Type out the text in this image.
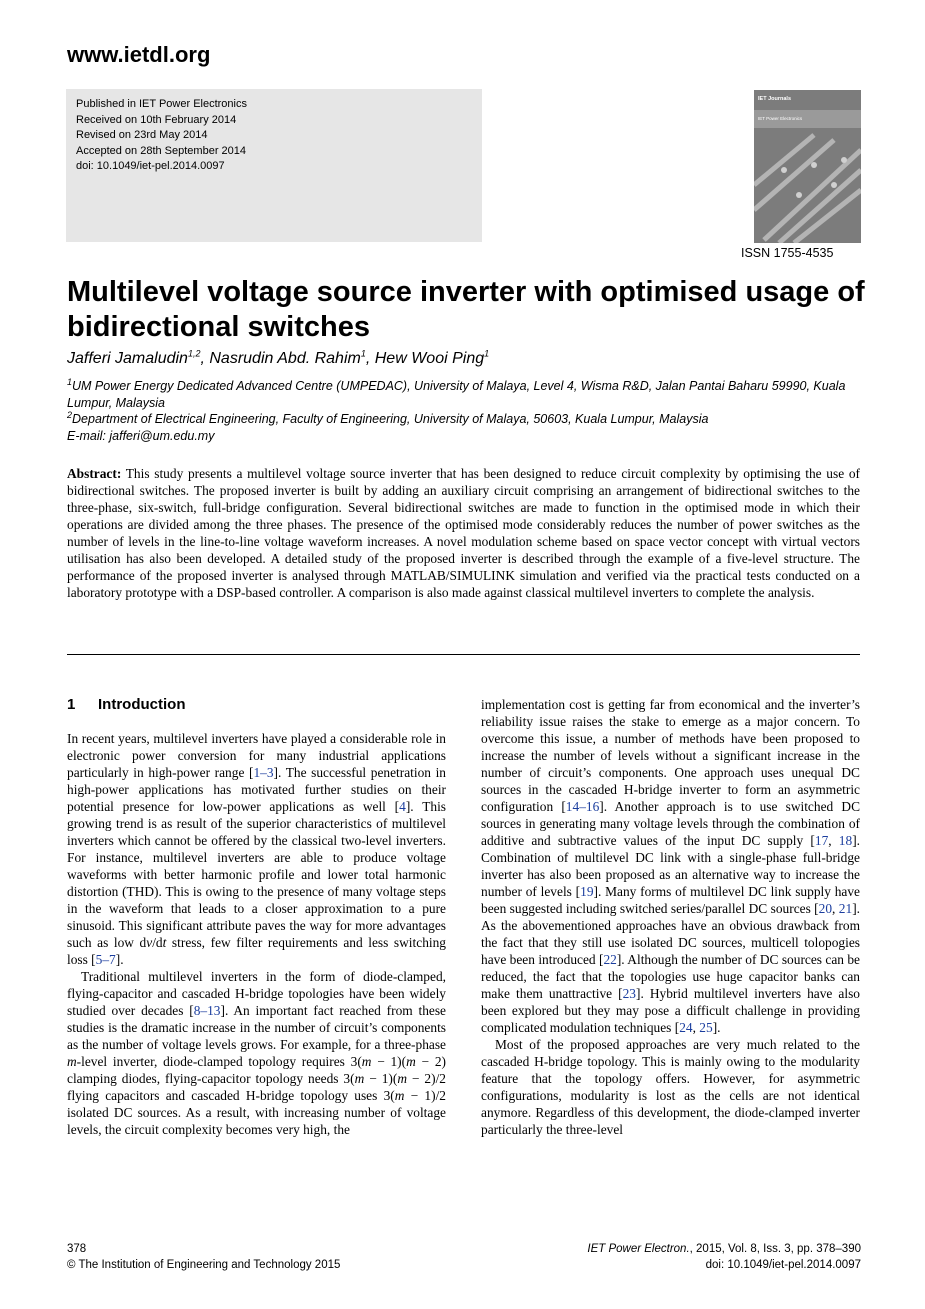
www.ietdl.org
Published in IET Power Electronics
Received on 10th February 2014
Revised on 23rd May 2014
Accepted on 28th September 2014
doi: 10.1049/iet-pel.2014.0097
IET Journals
IET Power Electronics
ISSN 1755-4535
Multilevel voltage source inverter with optimised usage of bidirectional switches
Jafferi Jamaludin$^{1,2}$, Nasrudin Abd. Rahim$^1$, Hew Wooi Ping$^1$
$^1$UM Power Energy Dedicated Advanced Centre (UMPEDAC), University of Malaya, Level 4, Wisma R&D, Jalan Pantai Baharu 59990, Kuala Lumpur, Malaysia
$^2$Department of Electrical Engineering, Faculty of Engineering, University of Malaya, 50603, Kuala Lumpur, Malaysia
E-mail: jafferi@um.edu.my
Abstract: This study presents a multilevel voltage source inverter that has been designed to reduce circuit complexity by optimising the use of bidirectional switches. The proposed inverter is built by adding an auxiliary circuit comprising an arrangement of bidirectional switches to the three-phase, six-switch, full-bridge configuration. Several bidirectional switches are made to function in the optimised mode in which their operations are divided among the three phases. The presence of the optimised mode considerably reduces the number of power switches as the number of levels in the line-to-line voltage waveform increases. A novel modulation scheme based on space vector concept with virtual vectors utilisation has also been developed. A detailed study of the proposed inverter is described through the example of a five-level structure. The performance of the proposed inverter is analysed through MATLAB/SIMULINK simulation and verified via the practical tests conducted on a laboratory prototype with a DSP-based controller. A comparison is also made against classical multilevel inverters to complete the analysis.
1 Introduction

In recent years, multilevel inverters have played a considerable role in electronic power conversion for many industrial applications particularly in high-power range [1–3]. The successful penetration in high-power applications has motivated further studies on their potential presence for low-power applications as well [4]. This growing trend is as result of the superior characteristics of multilevel inverters which cannot be offered by the classical two-level inverters. For instance, multilevel inverters are able to produce voltage waveforms with better harmonic profile and lower total harmonic distortion (THD). This is owing to the presence of many voltage steps in the waveform that leads to a closer approximation to a pure sinusoid. This significant attribute paves the way for more advantages such as low dv/dt stress, few filter requirements and less switching loss [5–7].

Traditional multilevel inverters in the form of diode-clamped, flying-capacitor and cascaded H-bridge topologies have been widely studied over decades [8–13]. An important fact reached from these studies is the dramatic increase in the number of circuit’s components as the number of voltage levels grows. For example, for a three-phase m-level inverter, diode-clamped topology requires 3(m − 1)(m − 2) clamping diodes, flying-capacitor topology needs 3(m − 1)(m − 2)/2 flying capacitors and cascaded H-bridge topology uses 3(m − 1)/2 isolated DC sources. As a result, with increasing number of voltage levels, the circuit complexity becomes very high, the

implementation cost is getting far from economical and the inverter’s reliability issue raises the stake to emerge as a major concern. To overcome this issue, a number of methods have been proposed to increase the number of levels without a significant increase in the number of circuit’s components. One approach uses unequal DC sources in the cascaded H-bridge inverter to form an asymmetric configuration [14–16]. Another approach is to use switched DC sources in generating many voltage levels through the combination of additive and subtractive values of the input DC supply [17, 18]. Combination of multilevel DC link with a single-phase full-bridge inverter has also been proposed as an alternative way to increase the number of levels [19]. Many forms of multilevel DC link supply have been suggested including switched series/parallel DC sources [20, 21]. As the abovementioned approaches have an obvious drawback from the fact that they still use isolated DC sources, multicell tolopogies have been introduced [22]. Although the number of DC sources can be reduced, the fact that the topologies use huge capacitor banks can make them unattractive [23]. Hybrid multilevel inverters have also been explored but they may pose a difficult challenge in providing complicated modulation techniques [24, 25].

Most of the proposed approaches are very much related to the cascaded H-bridge topology. This is mainly owing to the modularity feature that the topology offers. However, for asymmetric configurations, modularity is lost as the cells are not identical anymore. Regardless of this development, the diode-clamped inverter particularly the three-level

378
© The Institution of Engineering and Technology 2015
IET Power Electron., 2015, Vol. 8, Iss. 3, pp. 378–390
doi: 10.1049/iet-pel.2014.0097
